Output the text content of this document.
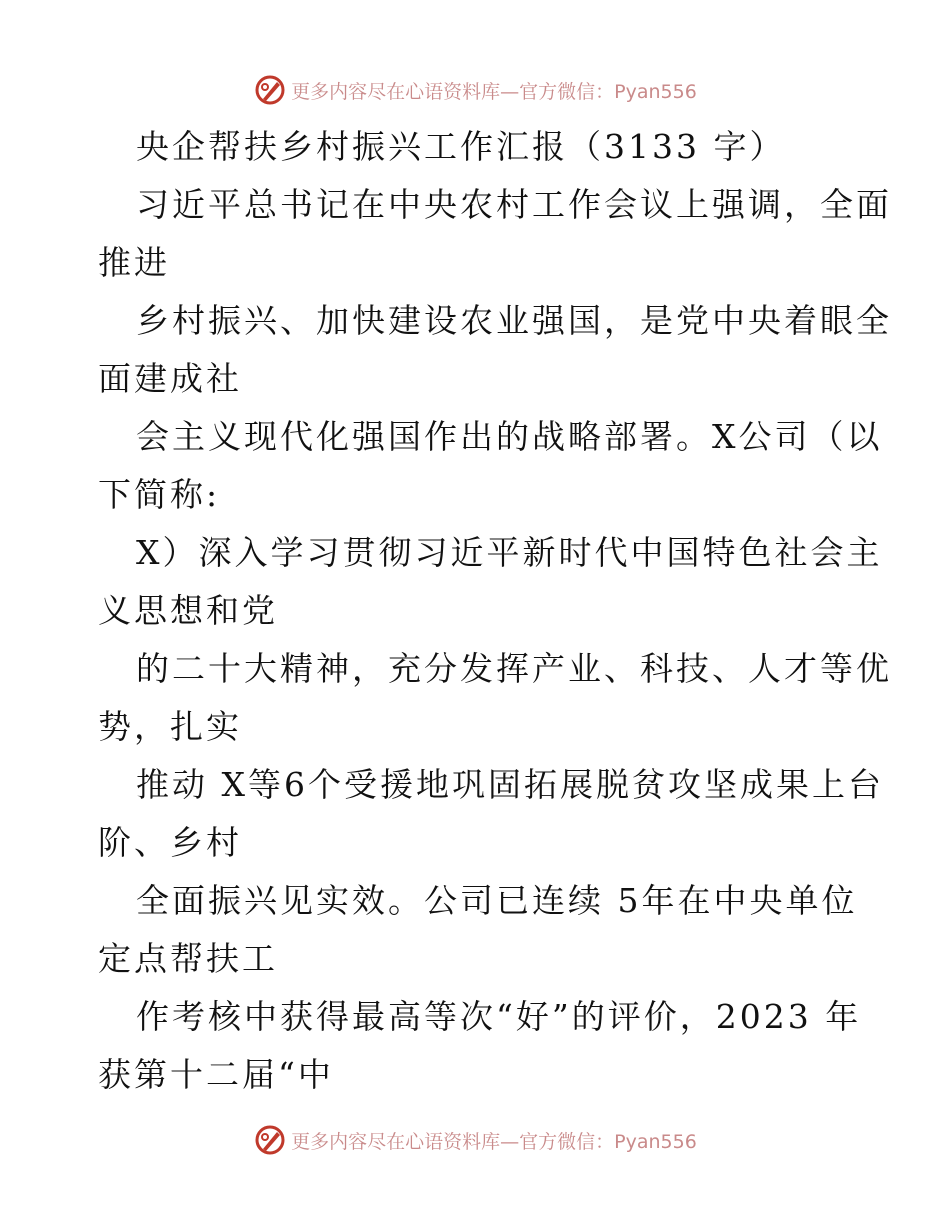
更多内容尽在心语资料库— 官方微信：Pyan556
央企帮扶乡村振兴工作汇报（3133 字）
习近平总书记在中央农村工作会议上强调，全面
推进
乡村振兴、加快建设农业强国，是党中央着眼全
面建成社
会主义现代化强国作出的战略部署。X公司（以
下简称:
X）深入学习贯彻习近平新时代中国特色社会主
义思想和党
的二十大精神，充分发挥产业、科技、人才等优
势，扎实
推动 X等6个受援地巩固拓展脱贫攻坚成果上台
阶、乡村
全面振兴见实效。公司已连续 5年在中央单位
定点帮扶工
作考核中获得最高等次“好”的评价，2023 年
获第十二届“中
更多内容尽在心语资料库— 官方微信：Pyan556
